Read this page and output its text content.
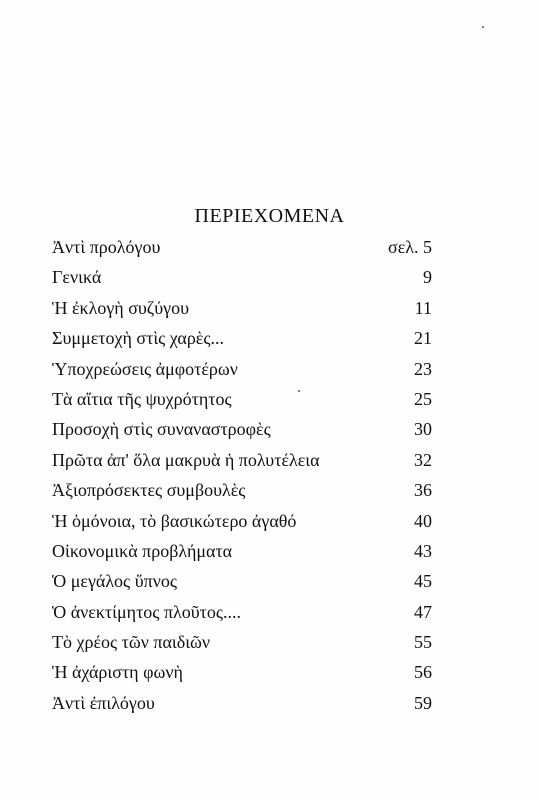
ΠΕΡΙΕΧΟΜΕΝΑ
Ἀντὶ προλόγου	σελ. 5
Γενικά	9
Ἡ ἐκλογὴ συζύγου	11
Συμμετοχὴ στὶς χαρὲς...	21
Ὑποχρεώσεις ἀμφοτέρων	23
Τὰ αἴτια τῆς ψυχρότητος	25
Προσοχὴ στὶς συναναστροφὲς	30
Πρῶτα ἀπ' ὅλα μακρυὰ ἡ πολυτέλεια	32
Ἀξιοπρόσεκτες συμβουλὲς	36
Ἡ ὁμόνοια, τὸ βασικώτερο ἀγαθό	40
Οἰκονομικὰ προβλήματα	43
Ὁ μεγάλος ὕπνος	45
Ὁ ἀνεκτίμητος πλοῦτος....	47
Τὸ χρέος τῶν παιδιῶν	55
Ἡ ἀχάριστη φωνὴ	56
Ἀντὶ ἐπιλόγου	59
